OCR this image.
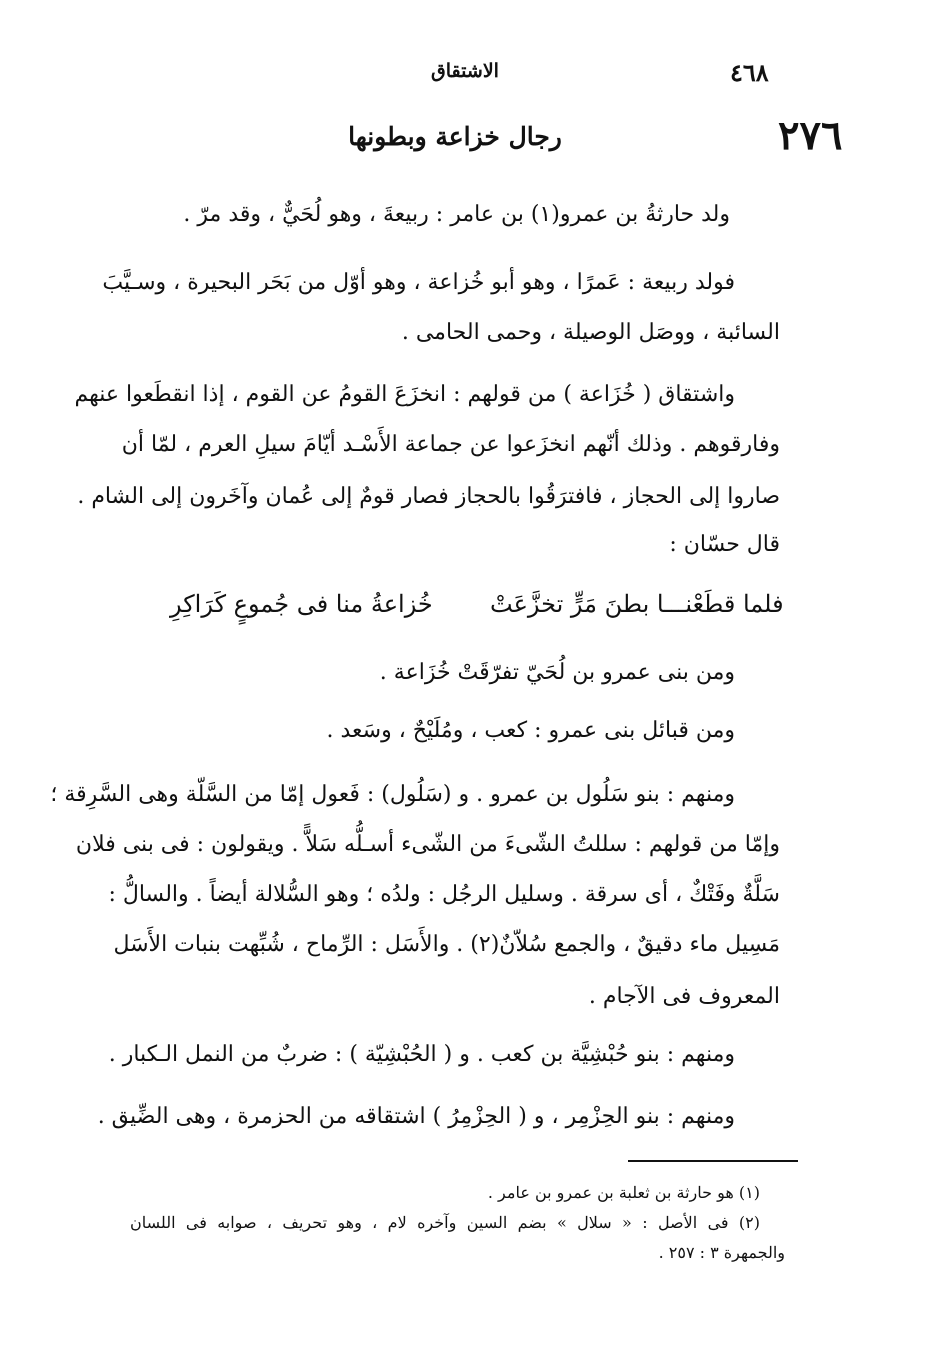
٤٦٨
الاشتقاق
٢٧٦
رجال خزاعة وبطونها
ولد حارثةُ بن عمرو(١) بن عامر : ربيعةَ ، وهو لُحَيٌّ ، وقد مرّ .
فولد ربيعة : عَمرًا ، وهو أبو خُزاعة ، وهو أوّل من بَحَر البحيرة ، وسـيَّبَ
السائبة ، ووصَل الوصيلة ، وحمى الحامى .
واشتقاق ( خُزَاعة ) من قولهم : انخزَعَ القومُ عن القوم ، إذا انقطَعوا عنهم
وفارقوهم . وذلك أنّهم انخزَعوا عن جماعة الأَسْـد أيّامَ سيلِ العرم ، لمّا أن
صاروا إلى الحجاز ، فافترَقُوا بالحجاز فصار قومٌ إلى عُمان وآخَرون إلى الشام .
قال حسّان :
فلما قطَعْنـــا بطنَ مَرٍّ تخزَّعَتْ
خُزاعةُ منا فى جُموعٍ كَرَاكِرِ
ومن بنى عمرو بن لُحَيّ تفرّقَتْ خُزَاعة .
ومن قبائل بنى عمرو : كعب ، ومُلَيْحٌ ، وسَعد .
ومنهم : بنو سَلُول بن عمرو . و (سَلُول) : فَعول إمّا من السَّلّة وهى السَّرِقة ؛
وإمّا من قولهم : سللتُ الشّىءَ من الشّىء أسـلُّه سَلاًّ . ويقولون : فى بنى فلان
سَلَّةٌ وفَتْكٌ ، أى سرقة . وسليل الرجُل : ولدُه ؛ وهو السُّلالة أيضاً . والسالُّ :
مَسِيل ماء دقيقٌ ، والجمع سُلاّنٌ(٢) . والأَسَل : الرِّماح ، شُبِّهت بنبات الأَسَل
المعروف فى الآجام .
ومنهم : بنو حُبْشِيَّة بن كعب . و ( الحُبْشِيّة ) : ضربٌ من النمل الـكبار .
ومنهم : بنو الحِزْمِر ، و ( الحِزْمِرُ ) اشتقاقه من الحزمرة ، وهى الضِّيق .
(١) هو حارثة بن ثعلبة بن عمرو بن عامر .
(٢) فى الأصل : « سلال » بضم السين وآخره لام ، وهو تحريف ، صوابه فى اللسان
والجمهرة ٣ : ٢٥٧ .
